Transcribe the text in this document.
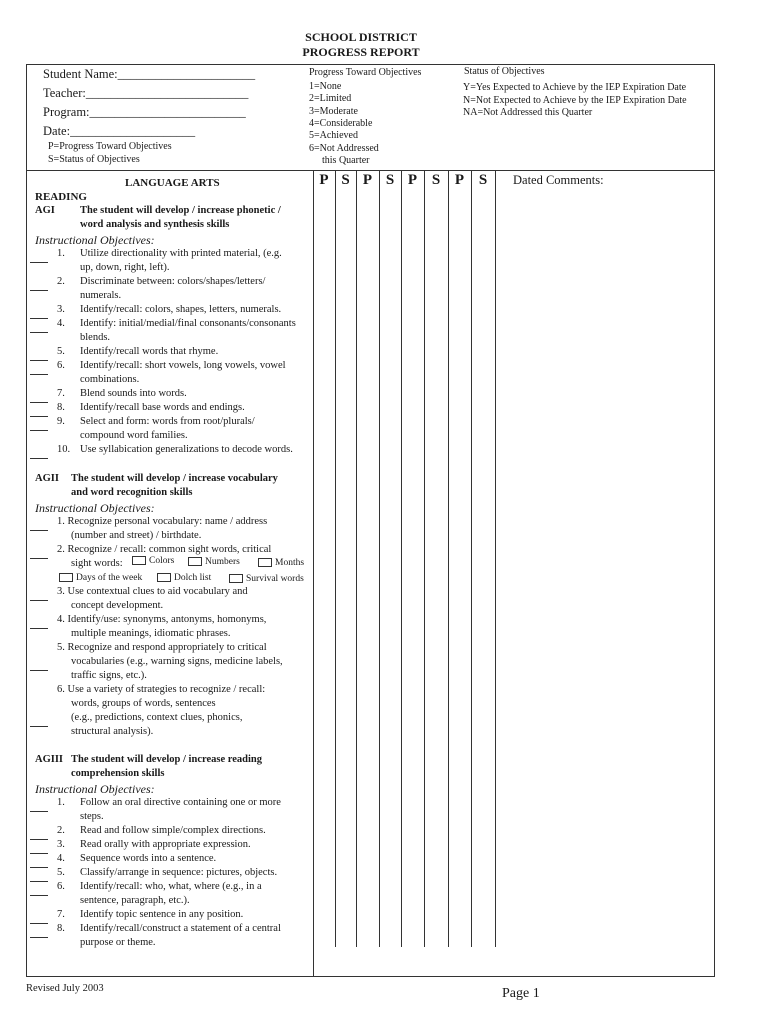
SCHOOL DISTRICT
PROGRESS REPORT
Student Name:______________________
Teacher:__________________________
Program:_________________________
Date:____________________
P=Progress Toward Objectives
S=Status of Objectives
Progress Toward Objectives
1=None
2=Limited
3=Moderate
4=Considerable
5=Achieved
6=Not Addressed
this Quarter
Status of Objectives
Y=Yes Expected to Achieve by the IEP Expiration Date
N=Not Expected to Achieve by the IEP Expiration Date
NA=Not Addressed this Quarter
P S P S P S P S	Dated Comments:
LANGUAGE ARTS
READING
AGI The student will develop / increase phonetic /
word analysis and synthesis skills
Instructional Objectives:
1. Utilize directionality with printed material, (e.g.
up, down, right, left).
2. Discriminate between: colors/shapes/letters/
numerals.
3. Identify/recall: colors, shapes, letters, numerals.
4. Identify: initial/medial/final consonants/consonants
blends.
5. Identify/recall words that rhyme.
6. Identify/recall: short vowels, long vowels, vowel
combinations.
7. Blend sounds into words.
8. Identify/recall base words and endings.
9. Select and form: words from root/plurals/
compound word families.
10. Use syllabication generalizations to decode words.
AGII The student will develop / increase vocabulary
and word recognition skills
Instructional Objectives:
1. Recognize personal vocabulary: name / address
(number and street) / birthdate.
2. Recognize / recall: common sight words, critical
sight words:	Colors	Numbers	Months
Days of the week	Dolch list	Survival words
3. Use contextual clues to aid vocabulary and
concept development.
4. Identify/use: synonyms, antonyms, homonyms,
multiple meanings, idiomatic phrases.
5. Recognize and respond appropriately to critical
vocabularies (e.g., warning signs, medicine labels,
traffic signs, etc.).
6. Use a variety of strategies to recognize / recall:
words, groups of words, sentences
(e.g., predictions, context clues, phonics,
structural analysis).
AGIII The student will develop / increase reading
comprehension skills
Instructional Objectives:
1. Follow an oral directive containing one or more
steps.
2. Read and follow simple/complex directions.
3. Read orally with appropriate expression.
4. Sequence words into a sentence.
5. Classify/arrange in sequence: pictures, objects.
6. Identify/recall: who, what, where (e.g., in a
sentence, paragraph, etc.).
7. Identify topic sentence in any position.
8. Identify/recall/construct a statement of a central
purpose or theme.
Revised July 2003	Page 1
